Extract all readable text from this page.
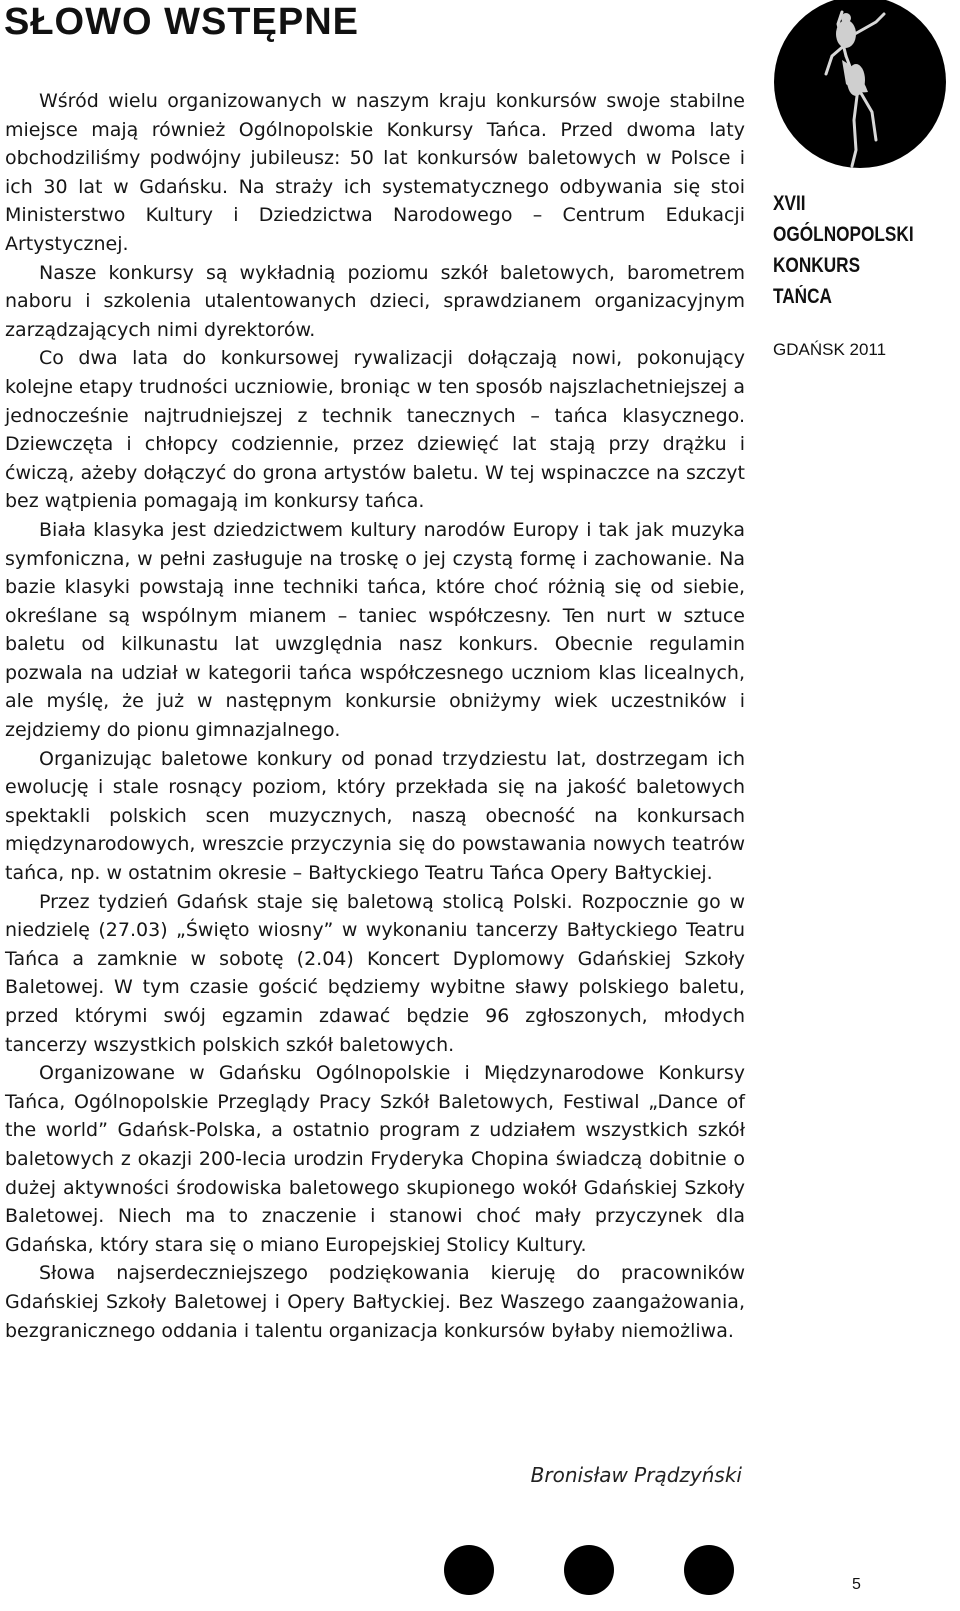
SŁOWO WSTĘPNE

Wśród wielu organizowanych w naszym kraju konkursów swoje stabilne miejsce mają również Ogólnopolskie Konkursy Tańca. Przed dwoma laty obchodziliśmy podwójny jubileusz: 50 lat konkursów baletowych w Polsce i ich 30 lat w Gdańsku. Na straży ich systematycznego odbywania się stoi Ministerstwo Kultury i Dziedzictwa Narodowego – Centrum Edukacji Artystycznej.

Nasze konkursy są wykładnią poziomu szkół baletowych, barometrem naboru i szkolenia utalentowanych dzieci, sprawdzianem organizacyjnym zarządzających nimi dyrektorów.

Co dwa lata do konkursowej rywalizacji dołączają nowi, pokonujący kolejne etapy trudności uczniowie, broniąc w ten sposób najszlachetniejszej a jednocześnie najtrudniejszej z technik tanecznych – tańca klasycznego. Dziewczęta i chłopcy codziennie, przez dziewięć lat stają przy drążku i ćwiczą, ażeby dołączyć do grona artystów baletu. W tej wspinaczce na szczyt bez wątpienia pomagają im konkursy tańca.

Biała klasyka jest dziedzictwem kultury narodów Europy i tak jak muzyka symfoniczna, w pełni zasługuje na troskę o jej czystą formę i zachowanie. Na bazie klasyki powstają inne techniki tańca, które choć różnią się od siebie, określane są wspólnym mianem – taniec współczesny. Ten nurt w sztuce baletu od kilkunastu lat uwzględnia nasz konkurs. Obecnie regulamin pozwala na udział w kategorii tańca współczesnego uczniom klas licealnych, ale myślę, że już w następnym konkursie obniżymy wiek uczestników i zejdziemy do pionu gimnazjalnego.

Organizując baletowe konkury od ponad trzydziestu lat, dostrzegam ich ewolucję i stale rosnący poziom, który przekłada się na jakość baletowych spektakli polskich scen muzycznych, naszą obecność na konkursach międzynarodowych, wreszcie przyczynia się do powstawania nowych teatrów tańca, np. w ostatnim okresie – Bałtyckiego Teatru Tańca Opery Bałtyckiej.

Przez tydzień Gdańsk staje się baletową stolicą Polski. Rozpocznie go w niedzielę (27.03) „Święto wiosny” w wykonaniu tancerzy Bałtyckiego Teatru Tańca a zamknie w sobotę (2.04) Koncert Dyplomowy Gdańskiej Szkoły Baletowej. W tym czasie gościć będziemy wybitne sławy polskiego baletu, przed którymi swój egzamin zdawać będzie 96 zgłoszonych, młodych tancerzy wszystkich polskich szkół baletowych.

Organizowane w Gdańsku Ogólnopolskie i Międzynarodowe Konkursy Tańca, Ogólnopolskie Przeglądy Pracy Szkół Baletowych, Festiwal „Dance of the world” Gdańsk-Polska, a ostatnio program z udziałem wszystkich szkół baletowych z okazji 200-lecia urodzin Fryderyka Chopina świadczą dobitnie o dużej aktywności środowiska baletowego skupionego wokół Gdańskiej Szkoły Baletowej. Niech ma to znaczenie i stanowi choć mały przyczynek dla Gdańska, który stara się o miano Europejskiej Stolicy Kultury.

Słowa najserdeczniejszego podziękowania kieruję do pracowników Gdańskiej Szkoły Baletowej i Opery Bałtyckiej. Bez Waszego zaangażowania, bezgranicznego oddania i talentu organizacja konkursów byłaby niemożliwa.

Bronisław Prądzyński
XVII
OGÓLNOPOLSKI
KONKURS
TAŃCA
GDAŃSK 2011
5
